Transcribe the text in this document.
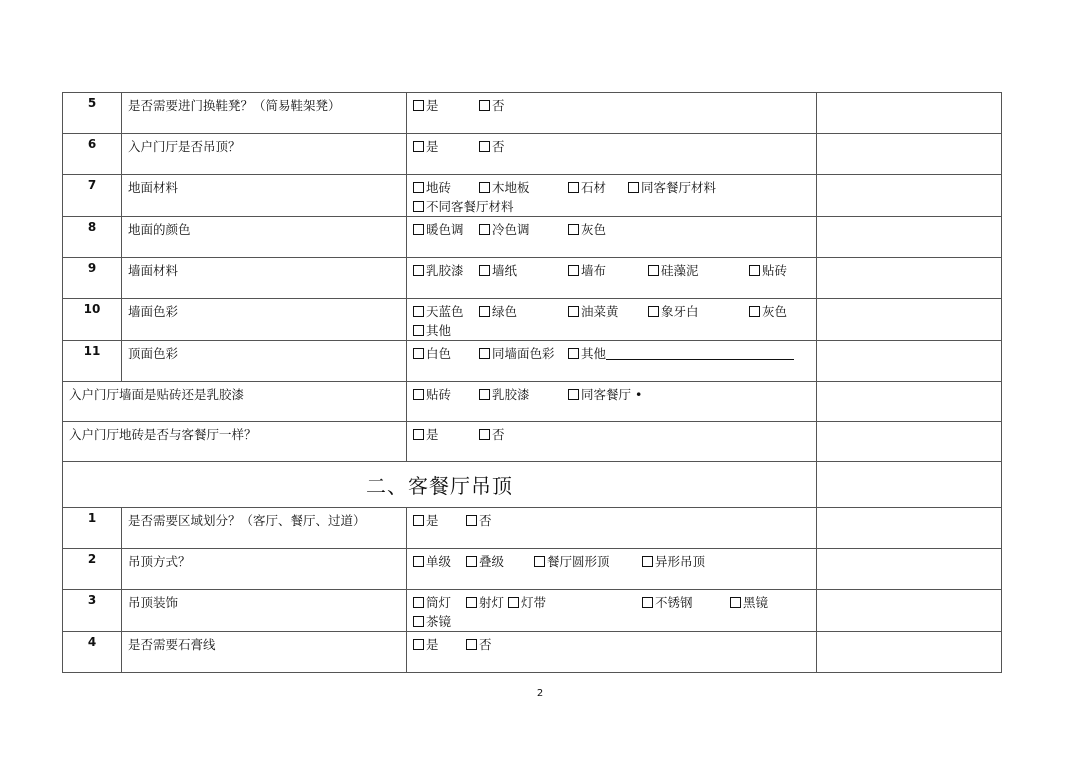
5	是否需要进门换鞋凳？（简易鞋架凳）	是 否	

6	入户门厅是否吊顶？	是 否	

7	地面材料	地砖 木地板 石材 同客餐厅材料
不同客餐厅材料	

8	地面的颜色	暖色调 冷色调 灰色	

9	墙面材料	乳胶漆 墙纸 墙布 硅藻泥 贴砖	

10	墙面色彩	天蓝色 绿色 油菜黄 象牙白 灰色
其他	

11	顶面色彩	白色 同墙面色彩 其他	

入户门厅墙面是贴砖还是乳胶漆		贴砖 乳胶漆 同客餐厅 •	

入户门厅地砖是否与客餐厅一样？		是 否	

二、客餐厅吊顶			
1	是否需要区域划分？（客厅、餐厅、过道）	是 否	

2	吊顶方式？	单级 叠级 餐厅圆形顶 异形吊顶	

3	吊顶装饰	筒灯 射灯 灯带 不锈钢 黑镜
茶镜	

4	是否需要石膏线	是 否	

2
